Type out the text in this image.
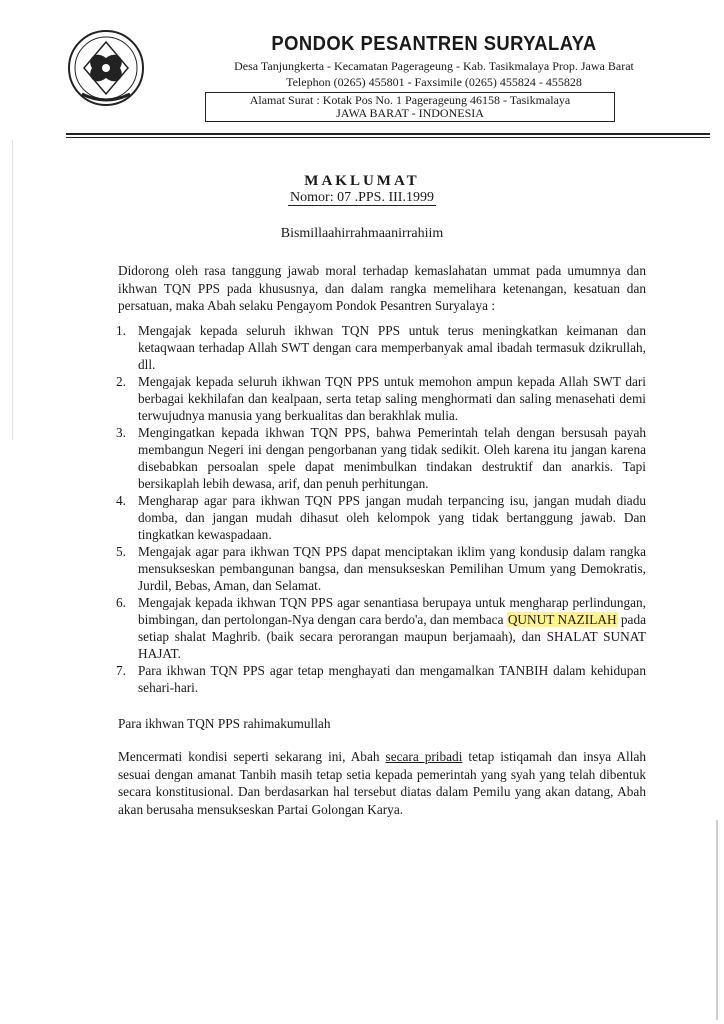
PONDOK PESANTREN SURYALAYA
Desa Tanjungkerta - Kecamatan Pagerageung - Kab. Tasikmalaya Prop. Jawa Barat
Telephon (0265) 455801 - Faxsimile (0265) 455824 - 455828
Alamat Surat : Kotak Pos No. 1 Pagerageung 46158 - Tasikmalaya
JAWA BARAT - INDONESIA
MAKLUMAT
Nomor: 07 .PPS. III.1999
Bismillaahirrahmaanirrahiim
Didorong oleh rasa tanggung jawab moral terhadap kemaslahatan ummat pada umumnya dan ikhwan TQN PPS pada khususnya, dan dalam rangka memelihara ketenangan, kesatuan dan persatuan, maka Abah selaku Pengayom Pondok Pesantren Suryalaya :
1. Mengajak kepada seluruh ikhwan TQN PPS untuk terus meningkatkan keimanan dan ketaqwaan terhadap Allah SWT dengan cara memperbanyak amal ibadah termasuk dzikrullah, dll.
2. Mengajak kepada seluruh ikhwan TQN PPS untuk memohon ampun kepada Allah SWT dari berbagai kekhilafan dan kealpaan, serta tetap saling menghormati dan saling menasehati demi terwujudnya manusia yang berkualitas dan berakhlak mulia.
3. Mengingatkan kepada ikhwan TQN PPS, bahwa Pemerintah telah dengan bersusah payah membangun Negeri ini dengan pengorbanan yang tidak sedikit. Oleh karena itu jangan karena disebabkan persoalan spele dapat menimbulkan tindakan destruktif dan anarkis. Tapi bersikaplah lebih dewasa, arif, dan penuh perhitungan.
4. Mengharap agar para ikhwan TQN PPS jangan mudah terpancing isu, jangan mudah diadu domba, dan jangan mudah dihasut oleh kelompok yang tidak bertanggung jawab. Dan tingkatkan kewaspadaan.
5. Mengajak agar para ikhwan TQN PPS dapat menciptakan iklim yang kondusip dalam rangka mensukseskan pembangunan bangsa, dan mensukseskan Pemilihan Umum yang Demokratis, Jurdil, Bebas, Aman, dan Selamat.
6. Mengajak kepada ikhwan TQN PPS agar senantiasa berupaya untuk mengharap perlindungan, bimbingan, dan pertolongan-Nya dengan cara berdo'a, dan membaca QUNUT NAZILAH pada setiap shalat Maghrib. (baik secara perorangan maupun berjamaah), dan SHALAT SUNAT HAJAT.
7. Para ikhwan TQN PPS agar tetap menghayati dan mengamalkan TANBIH dalam kehidupan sehari-hari.
Para ikhwan TQN PPS rahimakumullah
Mencermati kondisi seperti sekarang ini, Abah secara pribadi tetap istiqamah dan insya Allah sesuai dengan amanat Tanbih masih tetap setia kepada pemerintah yang syah yang telah dibentuk secara konstitusional. Dan berdasarkan hal tersebut diatas dalam Pemilu yang akan datang, Abah akan berusaha mensukseskan Partai Golongan Karya.
